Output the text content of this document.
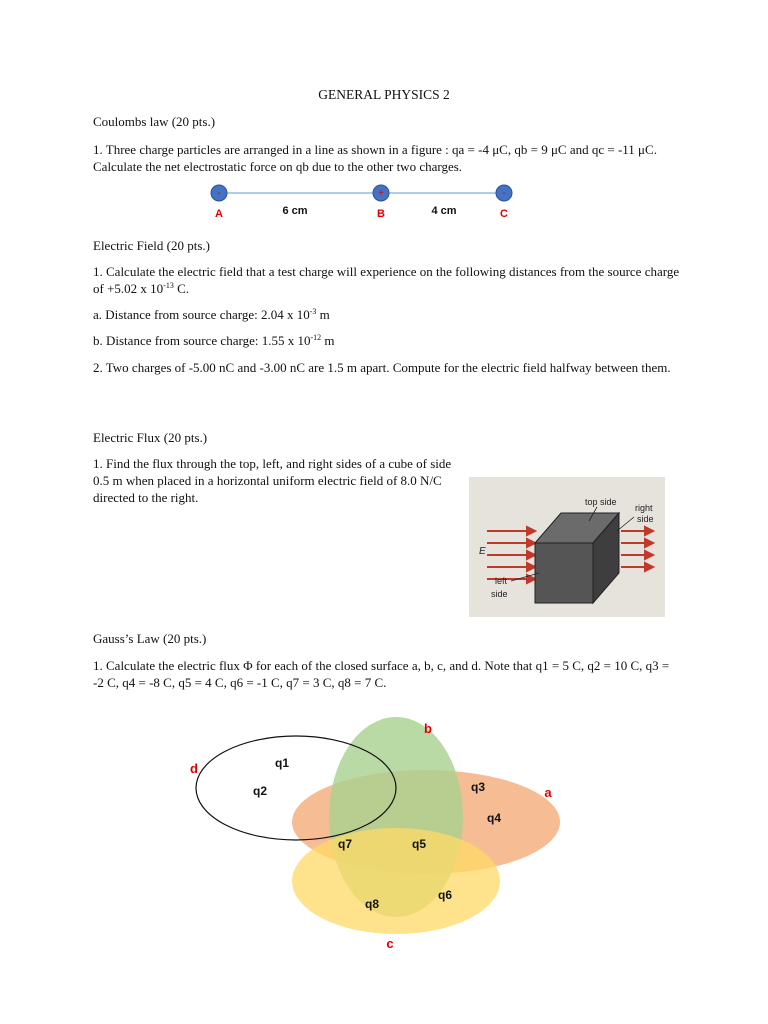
GENERAL PHYSICS 2

Coulombs law (20 pts.)

1. Three charge particles are arranged in a line as shown in a figure : qa = -4 μC, qb = 9 μC and qc = -11 μC. Calculate the net electrostatic force on qb due to the other two charges.

-
A
+
B
-
C
6 cm	4 cm

Electric Field (20 pts.)

1. Calculate the electric field that a test charge will experience on the following distances from the source charge of +5.02 x $10^{-13}$ C.

a. Distance from source charge: 2.04 x $10^{-3}$ m

b. Distance from source charge: 1.55 x $10^{-12}$ m

2. Two charges of -5.00 nC and -3.00 nC are 1.5 m apart. Compute for the electric field halfway between them.

Electric Flux (20 pts.)

1. Find the flux through the top, left, and right sides of a cube of side 0.5 m when placed in a horizontal uniform electric field of 8.0 N/C directed to the right.	top side
right
side
E
left
side

Gauss’s Law (20 pts.)

1. Calculate the electric flux Φ for each of the closed surface a, b, c, and d. Note that q1 = 5 C, q2 = 10 C, q3 = -2 C, q4 = -8 C, q5 = 4 C, q6 = -1 C, q7 = 3 C, q8 = 7 C.

b
d
a
c
q1
q2	q3
q4
q5
q6
q7
q8
